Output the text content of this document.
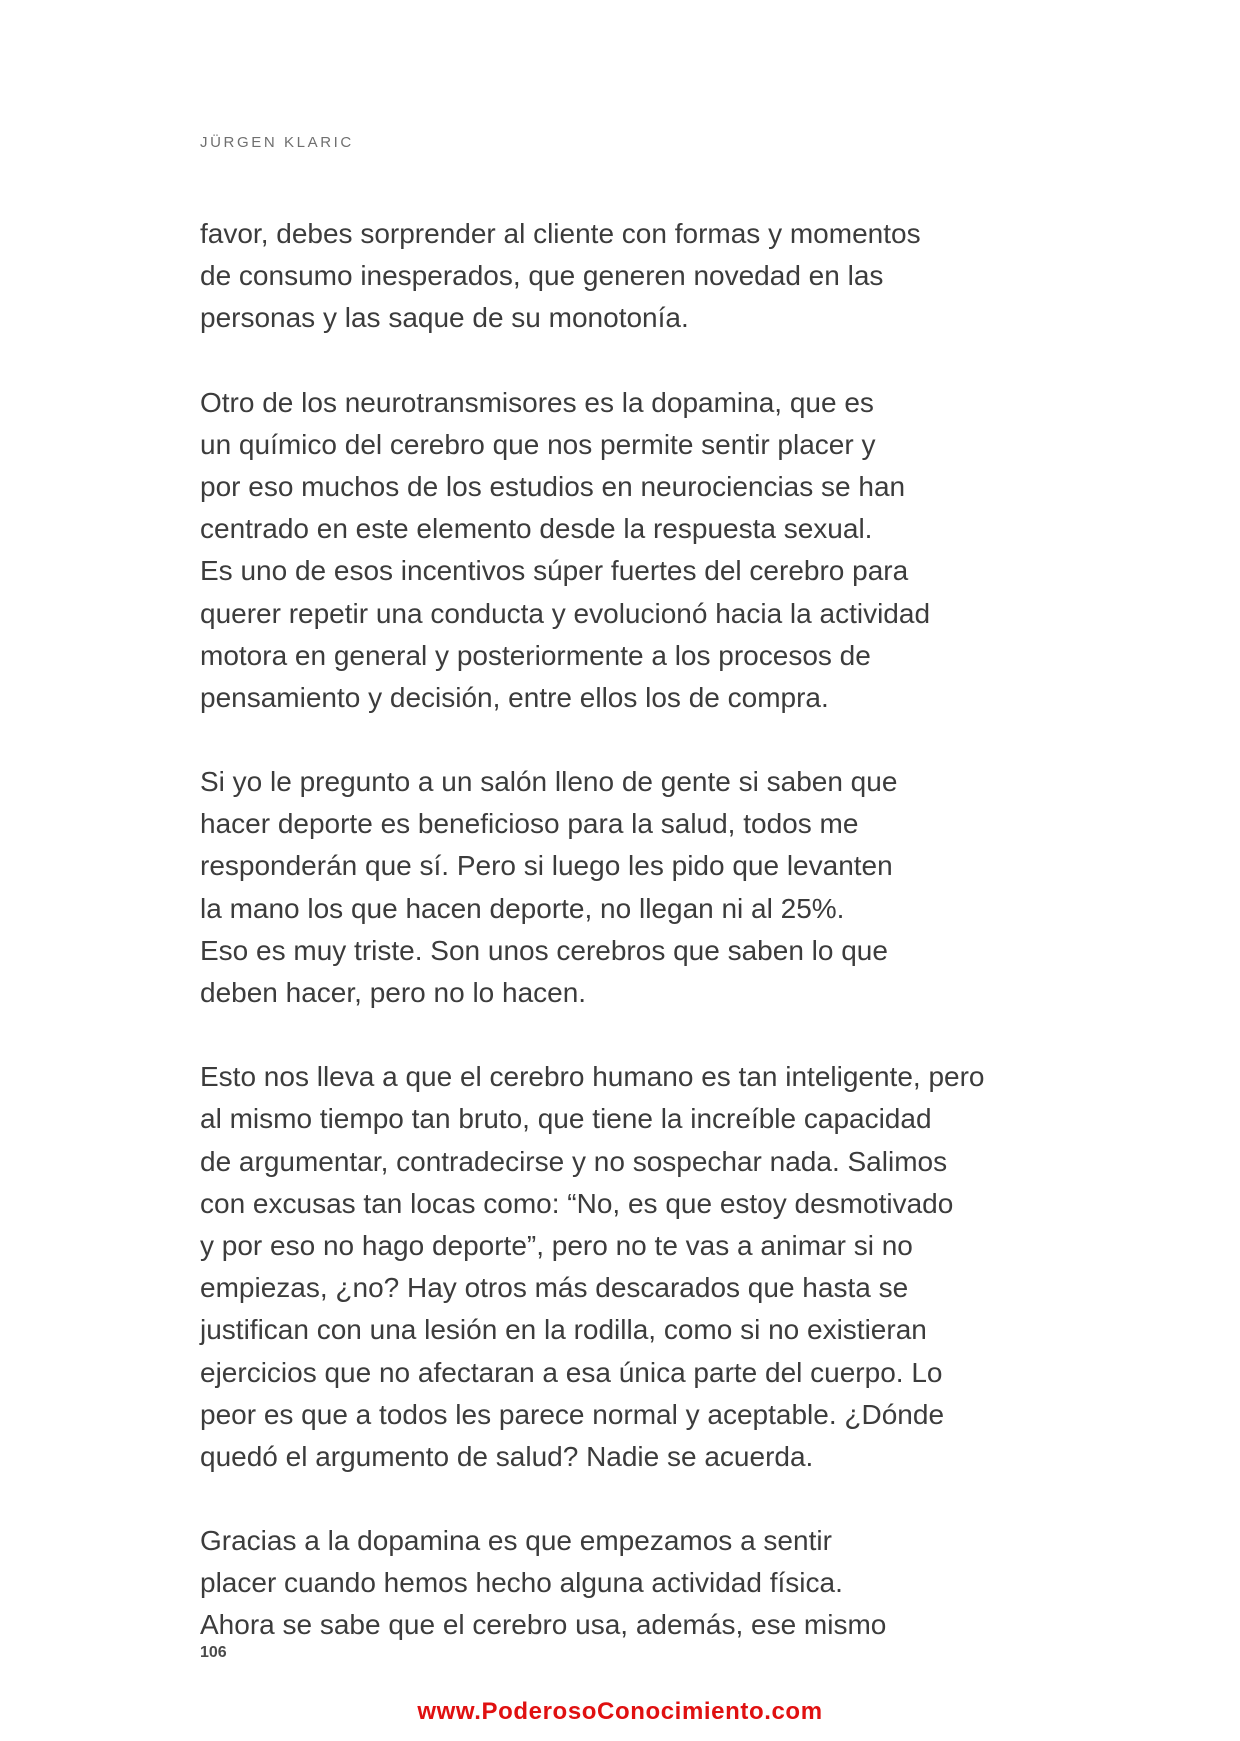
JÜRGEN KLARIC

favor, debes sorprender al cliente con formas y momentos
de consumo inesperados, que generen novedad en las
personas y las saque de su monotonía.

Otro de los neurotransmisores es la dopamina, que es
un químico del cerebro que nos permite sentir placer y
por eso muchos de los estudios en neurociencias se han
centrado en este elemento desde la respuesta sexual.
Es uno de esos incentivos súper fuertes del cerebro para
querer repetir una conducta y evolucionó hacia la actividad
motora en general y posteriormente a los procesos de
pensamiento y decisión, entre ellos los de compra.

Si yo le pregunto a un salón lleno de gente si saben que
hacer deporte es beneficioso para la salud, todos me
responderán que sí. Pero si luego les pido que levanten
la mano los que hacen deporte, no llegan ni al 25%.
Eso es muy triste. Son unos cerebros que saben lo que
deben hacer, pero no lo hacen.

Esto nos lleva a que el cerebro humano es tan inteligente, pero
al mismo tiempo tan bruto, que tiene la increíble capacidad
de argumentar, contradecirse y no sospechar nada. Salimos
con excusas tan locas como: “No, es que estoy desmotivado
y por eso no hago deporte”, pero no te vas a animar si no
empiezas, ¿no? Hay otros más descarados que hasta se
justifican con una lesión en la rodilla, como si no existieran
ejercicios que no afectaran a esa única parte del cuerpo. Lo
peor es que a todos les parece normal y aceptable. ¿Dónde
quedó el argumento de salud? Nadie se acuerda.

Gracias a la dopamina es que empezamos a sentir
placer cuando hemos hecho alguna actividad física.
Ahora se sabe que el cerebro usa, además, ese mismo

106
www.PoderosoConocimiento.com
